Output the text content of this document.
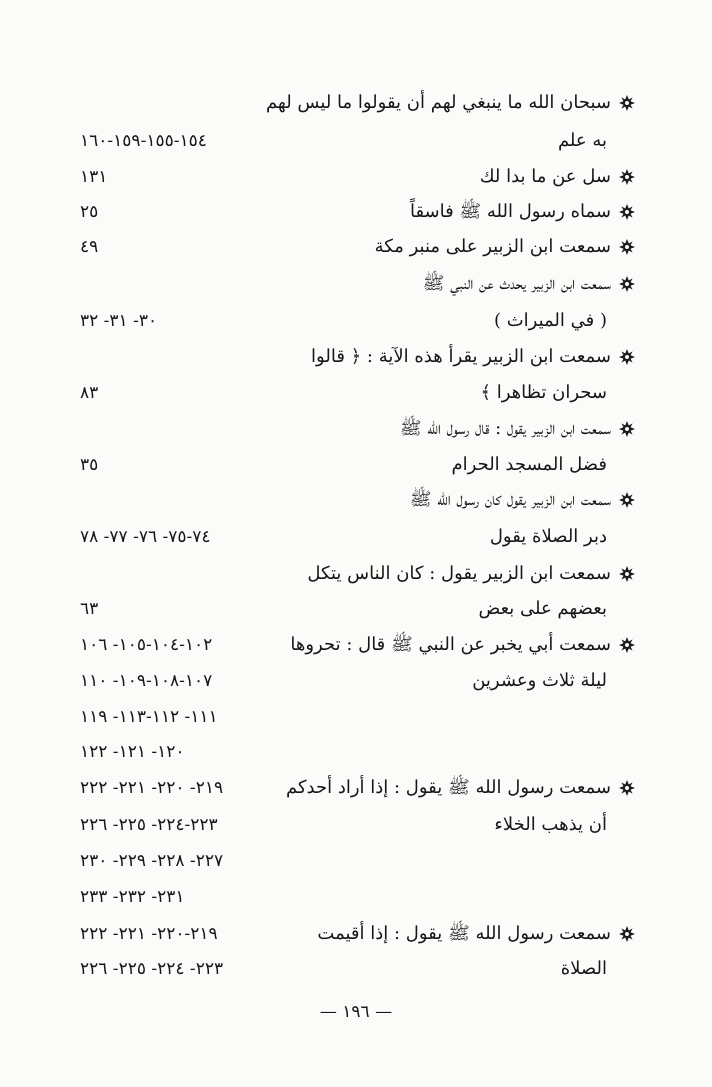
سبحان الله ما ينبغي لهم أن يقولوا ما ليس لهم
به علم
١٥٤-١٥٥-١٥٩-١٦٠
سل عن ما بدا لك
١٣١
سماه رسول الله ﷺ فاسقاً
٢٥
سمعت ابن الزبير على منبر مكة
٤٩
سمعت ابن الزبير يحدث عن النبي ﷺ
( في الميراث )
٣٠- ٣١- ٣٢
سمعت ابن الزبير يقرأ هذه الآية : ﴿ قالوا
سحران تظاهرا ﴾
٨٣
سمعت ابن الزبير يقول : قال رسول الله ﷺ
فضل المسجد الحرام
٣٥
سمعت ابن الزبير يقول كان رسول الله ﷺ
دبر الصلاة يقول
٧٤-٧٥- ٧٦- ٧٧- ٧٨
سمعت ابن الزبير يقول : كان الناس يتكل
بعضهم على بعض
٦٣
سمعت أبي يخبر عن النبي ﷺ قال : تحروها
١٠٢-١٠٤-١٠٥- ١٠٦
ليلة ثلاث وعشرين
١٠٧-١٠٨-١٠٩- ١١٠
١١١- ١١٢-١١٣- ١١٩
١٢٠- ١٢١- ١٢٢
سمعت رسول الله ﷺ يقول : إذا أراد أحدكم
٢١٩- ٢٢٠- ٢٢١- ٢٢٢
أن يذهب الخلاء
٢٢٣-٢٢٤- ٢٢٥- ٢٢٦
٢٢٧- ٢٢٨- ٢٢٩- ٢٣٠
٢٣١- ٢٣٢- ٢٣٣
سمعت رسول الله ﷺ يقول : إذا أقيمت
٢١٩-٢٢٠- ٢٢١- ٢٢٢
الصلاة
٢٢٣- ٢٢٤- ٢٢٥- ٢٢٦
— ١٩٦ —
